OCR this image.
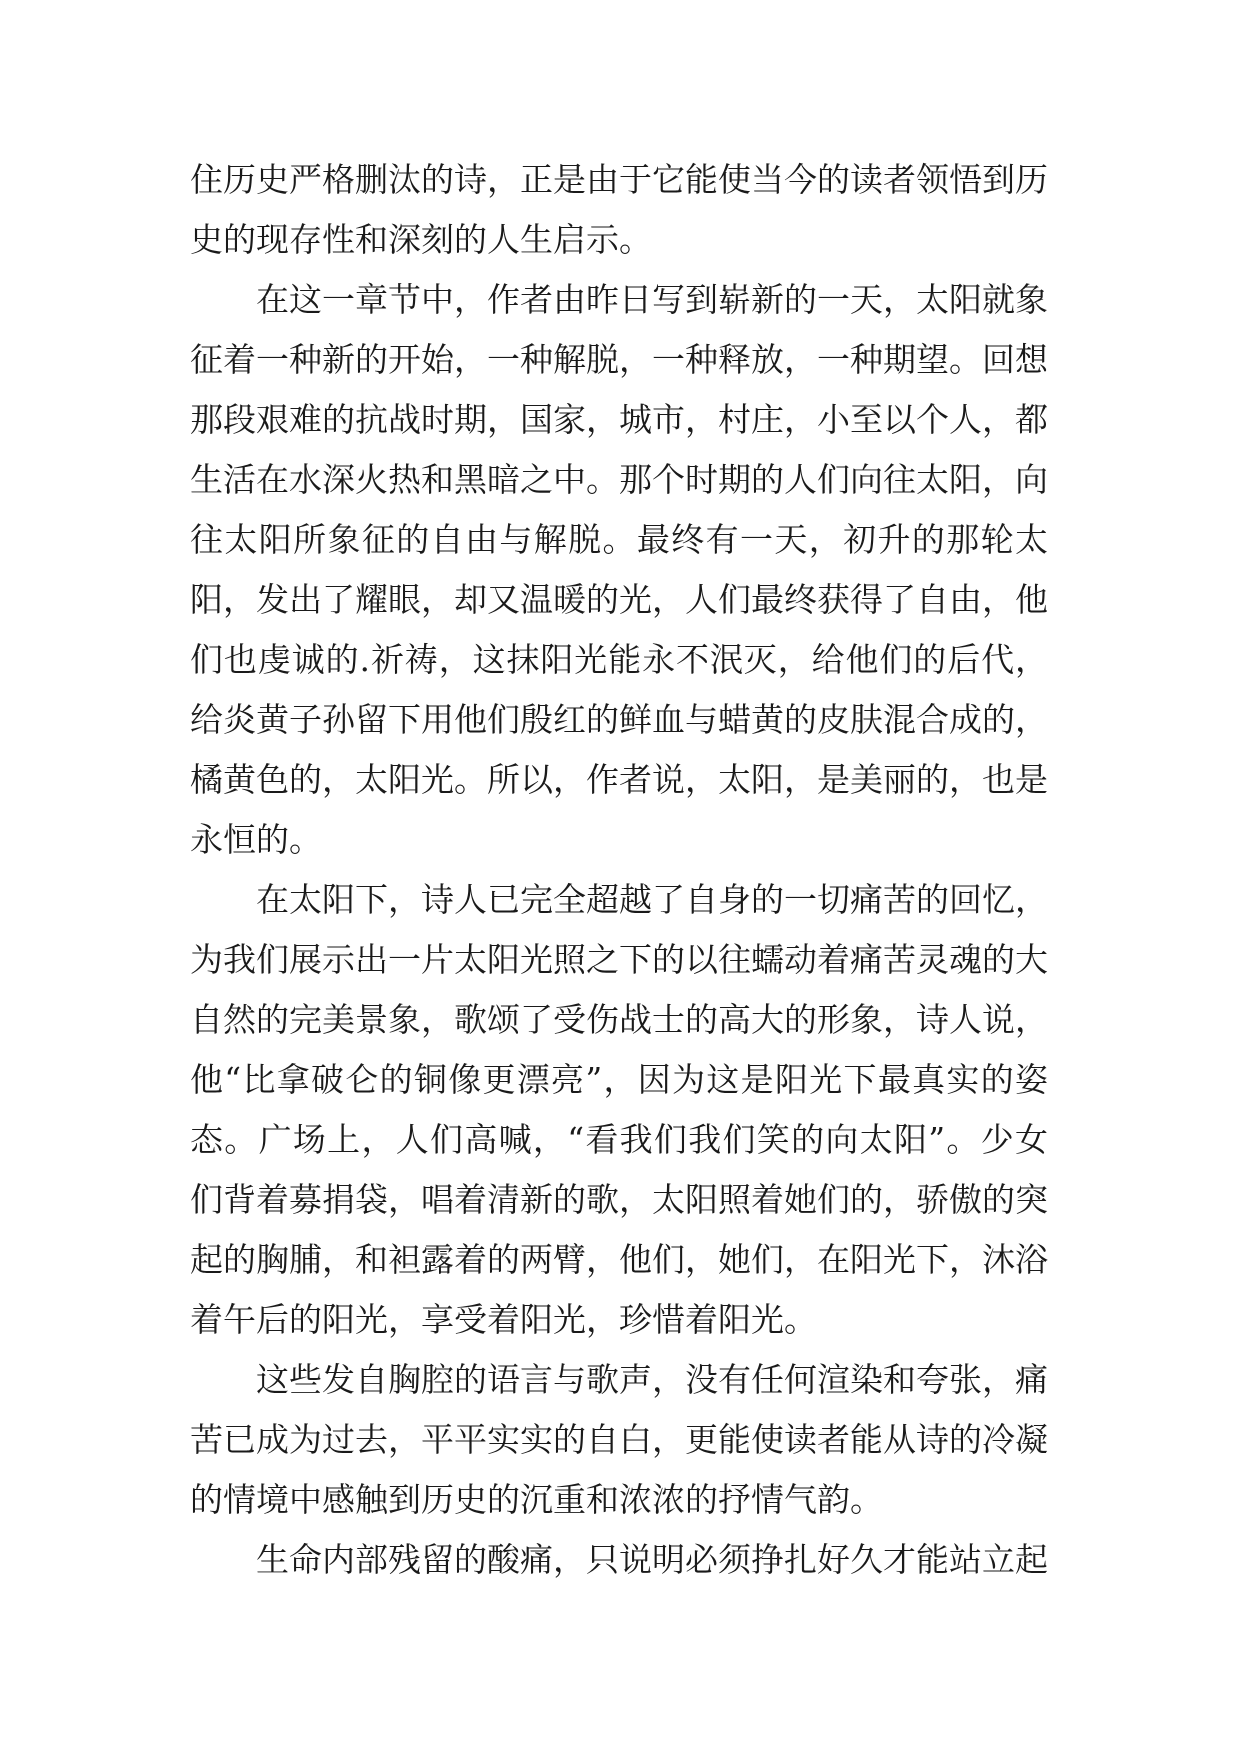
住历史严格删汰的诗，正是由于它能使当今的读者领悟到历史的现存性和深刻的人生启示。

在这一章节中，作者由昨日写到崭新的一天，太阳就象征着一种新的开始，一种解脱，一种释放，一种期望。回想那段艰难的抗战时期，国家，城市，村庄，小至以个人，都生活在水深火热和黑暗之中。那个时期的人们向往太阳，向往太阳所象征的自由与解脱。最终有一天，初升的那轮太阳，发出了耀眼，却又温暖的光，人们最终获得了自由，他们也虔诚的.祈祷，这抹阳光能永不泯灭，给他们的后代，给炎黄子孙留下用他们殷红的鲜血与蜡黄的皮肤混合成的，橘黄色的，太阳光。所以，作者说，太阳，是美丽的，也是永恒的。

在太阳下，诗人已完全超越了自身的一切痛苦的回忆，为我们展示出一片太阳光照之下的以往蠕动着痛苦灵魂的大自然的完美景象，歌颂了受伤战士的高大的形象，诗人说，他“比拿破仑的铜像更漂亮”，因为这是阳光下最真实的姿态。广场上，人们高喊，“看我们我们笑的向太阳”。少女们背着募捐袋，唱着清新的歌，太阳照着她们的，骄傲的突起的胸脯，和袒露着的两臂，他们，她们，在阳光下，沐浴着午后的阳光，享受着阳光，珍惜着阳光。

这些发自胸腔的语言与歌声，没有任何渲染和夸张，痛苦已成为过去，平平实实的自白，更能使读者能从诗的冷凝的情境中感触到历史的沉重和浓浓的抒情气韵。

生命内部残留的酸痛，只说明必须挣扎好久才能站立起
